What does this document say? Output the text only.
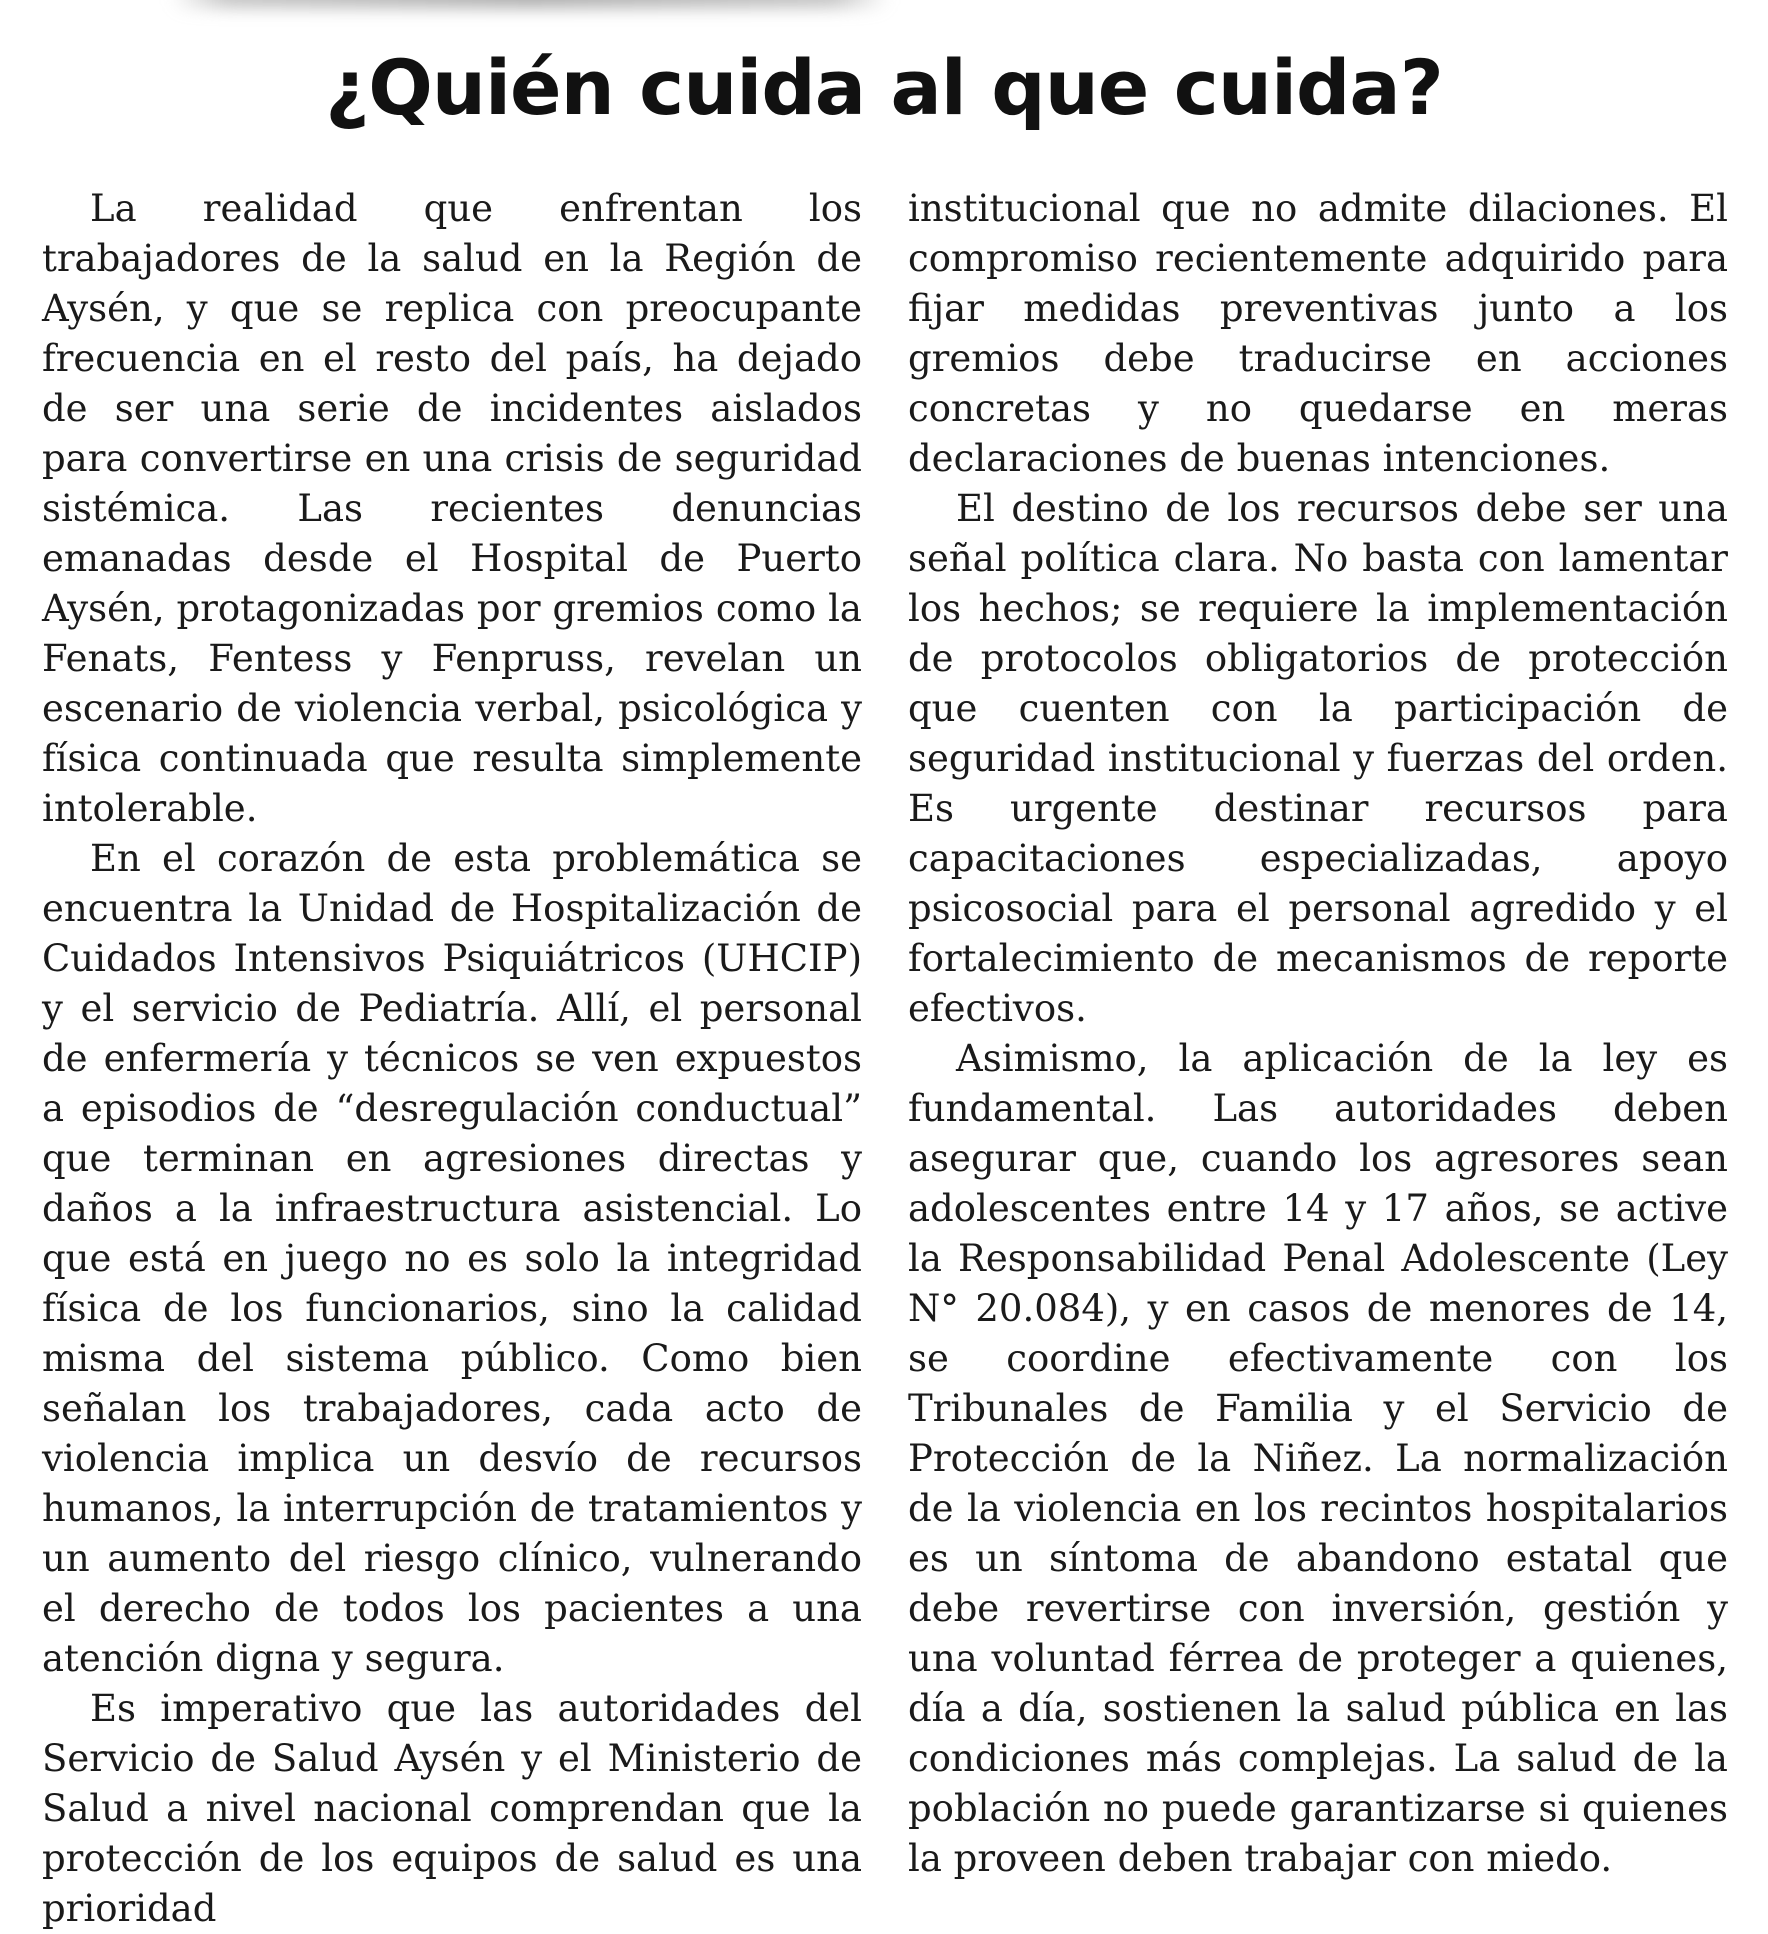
¿Quién cuida al que cuida?

La realidad que enfrentan los trabajadores de la salud en la Región de Aysén, y que se replica con preocupante frecuencia en el resto del país, ha dejado de ser una serie de incidentes aislados para convertirse en una crisis de seguridad sistémica. Las recientes denuncias emanadas desde el Hospital de Puerto Aysén, protagonizadas por gremios como la Fenats, Fentess y Fenpruss, revelan un escenario de violencia verbal, psicológica y física continuada que resulta simplemente intolerable.

En el corazón de esta problemática se encuentra la Unidad de Hospitalización de Cuidados Intensivos Psiquiátricos (UHCIP) y el servicio de Pediatría. Allí, el personal de enfermería y técnicos se ven expuestos a episodios de “desregulación conductual” que terminan en agresiones directas y daños a la infraestructura asistencial. Lo que está en juego no es solo la integridad física de los funcionarios, sino la calidad misma del sistema público. Como bien señalan los trabajadores, cada acto de violencia implica un desvío de recursos humanos, la interrupción de tratamientos y un aumento del riesgo clínico, vulnerando el derecho de todos los pacientes a una atención digna y segura.

Es imperativo que las autoridades del Servicio de Salud Aysén y el Ministerio de Salud a nivel nacional comprendan que la protección de los equipos de salud es una prioridad

institucional que no admite dilaciones. El compromiso recientemente adquirido para fijar medidas preventivas junto a los gremios debe traducirse en acciones concretas y no quedarse en meras declaraciones de buenas intenciones.

El destino de los recursos debe ser una señal política clara. No basta con lamentar los hechos; se requiere la implementación de protocolos obligatorios de protección que cuenten con la participación de seguridad institucional y fuerzas del orden. Es urgente destinar recursos para capacitaciones especializadas, apoyo psicosocial para el personal agredido y el fortalecimiento de mecanismos de reporte efectivos.

Asimismo, la aplicación de la ley es fundamental. Las autoridades deben asegurar que, cuando los agresores sean adolescentes entre 14 y 17 años, se active la Responsabilidad Penal Adolescente (Ley N° 20.084), y en casos de menores de 14, se coordine efectivamente con los Tribunales de Familia y el Servicio de Protección de la Niñez. La normalización de la violencia en los recintos hospitalarios es un síntoma de abandono estatal que debe revertirse con inversión, gestión y una voluntad férrea de proteger a quienes, día a día, sostienen la salud pública en las condiciones más complejas. La salud de la población no puede garantizarse si quienes la proveen deben trabajar con miedo.
